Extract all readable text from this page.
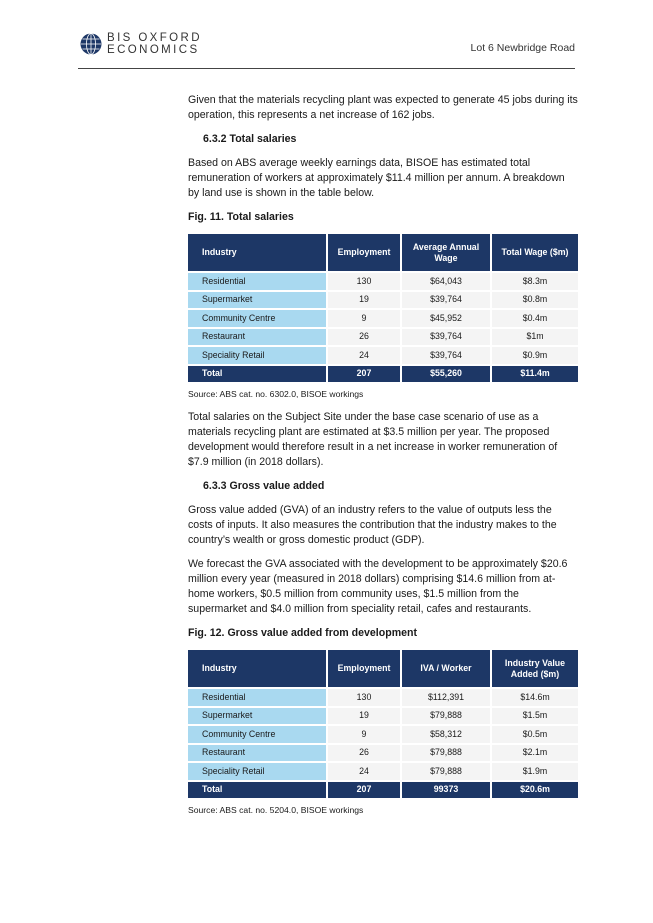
BIS OXFORD
ECONOMICS	Lot 6 Newbridge Road

Given that the materials recycling plant was expected to generate 45 jobs during its operation, this represents a net increase of 162 jobs.

6.3.2 Total salaries

Based on ABS average weekly earnings data, BISOE has estimated total remuneration of workers at approximately $11.4 million per annum. A breakdown by land use is shown in the table below.

Fig. 11. Total salaries
Industry	Employment	Average Annual Wage	Total Wage ($m)
Residential	130	$64,043	$8.3m
Supermarket	19	$39,764	$0.8m
Community Centre	9	$45,952	$0.4m
Restaurant	26	$39,764	$1m
Speciality Retail	24	$39,764	$0.9m
Total	207	$55,260	$11.4m
Source: ABS cat. no. 6302.0, BISOE workings

Total salaries on the Subject Site under the base case scenario of use as a materials recycling plant are estimated at $3.5 million per year. The proposed development would therefore result in a net increase in worker remuneration of $7.9 million (in 2018 dollars).

6.3.3 Gross value added

Gross value added (GVA) of an industry refers to the value of outputs less the costs of inputs. It also measures the contribution that the industry makes to the country’s wealth or gross domestic product (GDP).

We forecast the GVA associated with the development to be approximately $20.6 million every year (measured in 2018 dollars) comprising $14.6 million from at-home workers, $0.5 million from community uses, $1.5 million from the supermarket and $4.0 million from speciality retail, cafes and restaurants.

Fig. 12. Gross value added from development
Industry	Employment	IVA / Worker	Industry Value Added ($m)
Residential	130	$112,391	$14.6m
Supermarket	19	$79,888	$1.5m
Community Centre	9	$58,312	$0.5m
Restaurant	26	$79,888	$2.1m
Speciality Retail	24	$79,888	$1.9m
Total	207	99373	$20.6m
Source: ABS cat. no. 5204.0, BISOE workings
